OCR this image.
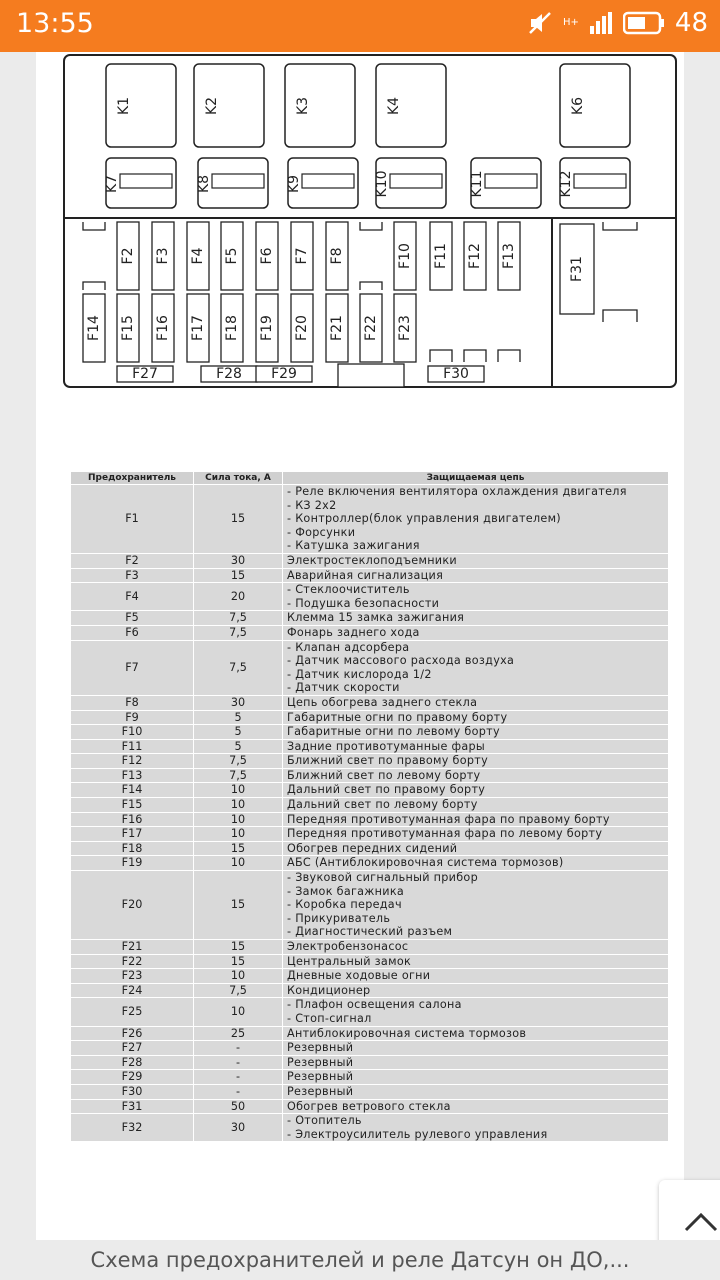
13:55	H+	48
K1	K2	K3	K4	K6
K7	K8	K9	K10	K11	K12
F2 F3 F4 F5 F6 F7 F8	F10 F11 F12 F13
F14 F15 F16 F17 F18 F19 F20 F21 F22 F23
F31
F27	F28 F29	F30
Предохранитель	Сила тока, А	Защищаемая цепь
F1	15	- Реле включения вентилятора охлаждения двигателя
- КЗ 2х2
- Контроллер(блок управления двигателем)
- Форсунки
- Катушка зажигания

F2	30	Электростеклоподъемники

F3	15	Аварийная сигнализация

F4	20	- Стеклоочиститель
- Подушка безопасности

F5	7,5	Клемма 15 замка зажигания

F6	7,5	Фонарь заднего хода

F7	7,5	- Клапан адсорбера
- Датчик массового расхода воздуха
- Датчик кислорода 1/2
- Датчик скорости

F8	30	Цепь обогрева заднего стекла

F9	5	Габаритные огни по правому борту

F10	5	Габаритные огни по левому борту

F11	5	Задние противотуманные фары

F12	7,5	Ближний свет по правому борту

F13	7,5	Ближний свет по левому борту

F14	10	Дальний свет по правому борту

F15	10	Дальний свет по левому борту

F16	10	Передняя противотуманная фара по правому борту

F17	10	Передняя противотуманная фара по левому борту

F18	15	Обогрев передних сидений

F19	10	АБС (Антиблокировочная система тормозов)

F20	15	- Звуковой сигнальный прибор
- Замок багажника
- Коробка передач
- Прикуриватель
- Диагностический разъем

F21	15	Электробензонасос

F22	15	Центральный замок

F23	10	Дневные ходовые огни

F24	7,5	Кондиционер

F25	10	- Плафон освещения салона
- Стоп-сигнал

F26	25	Антиблокировочная система тормозов

F27	-	Резервный

F28	-	Резервный

F29	-	Резервный

F30	-	Резервный

F31	50	Обогрев ветрового стекла

F32	30	- Отопитель
- Электроусилитель рулевого управления
Схема предохранителей и реле Датсун он ДО,...
